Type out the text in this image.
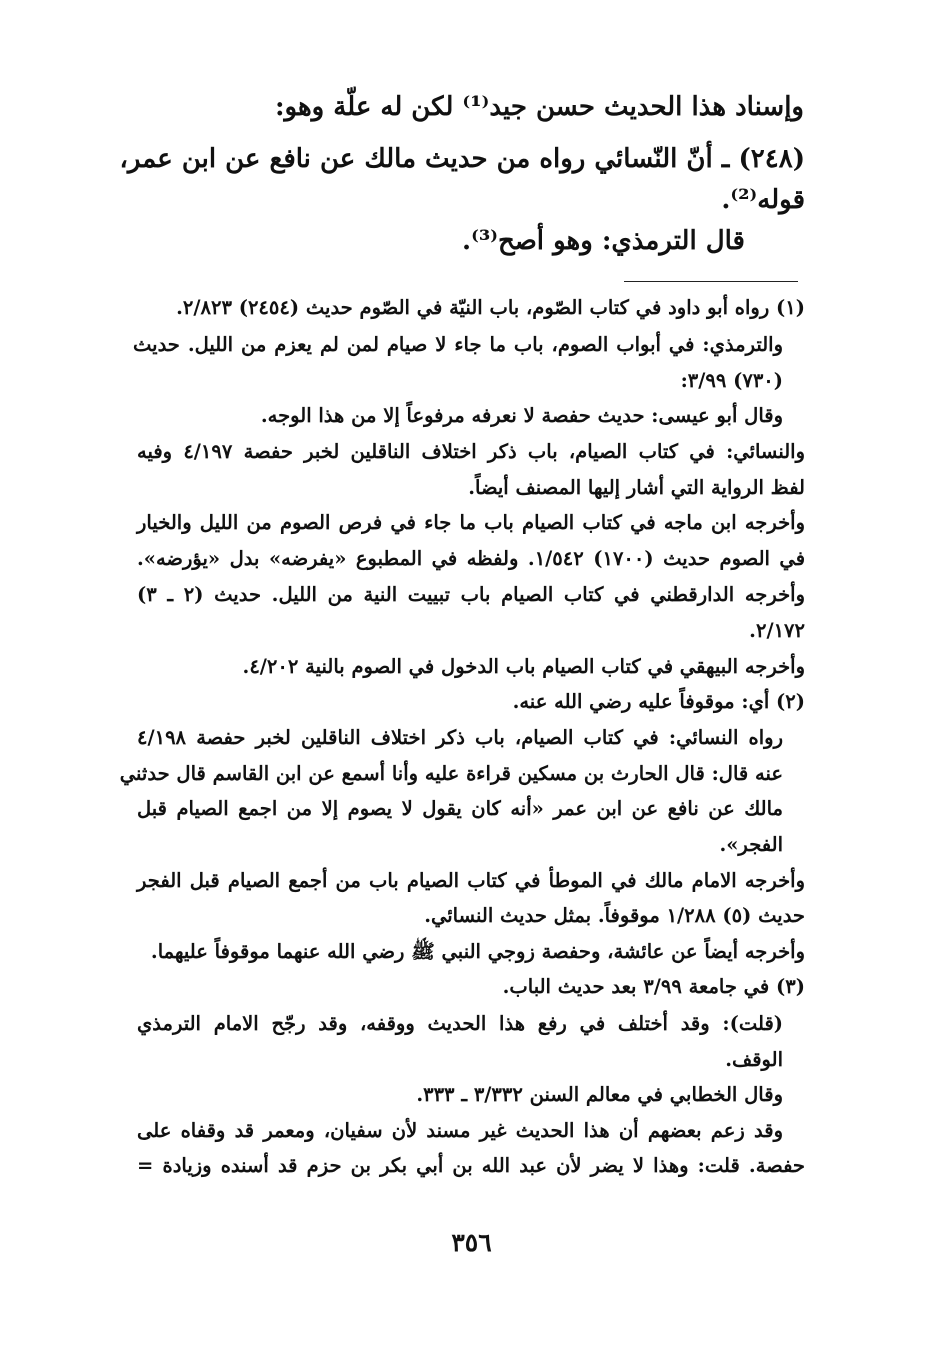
وإسناد هذا الحديث حسن جيد⁽¹⁾ لكن له علّة وهو:
(٢٤٨) ـ أنّ النّسائي رواه من حديث مالك عن نافع عن ابن عمر،
قوله⁽²⁾.
قال الترمذي: وهو أصح⁽³⁾.
(١) رواه أبو داود في كتاب الصّوم، باب النيّة في الصّوم حديث (٢٤٥٤) ٢/٨٢٣.
والترمذي: في أبواب الصوم، باب ما جاء لا صيام لمن لم يعزم من الليل. حديث
(٧٣٠) ٣/٩٩:
وقال أبو عيسى: حديث حفصة لا نعرفه مرفوعاً إلا من هذا الوجه.
والنسائي: في كتاب الصيام، باب ذكر اختلاف الناقلين لخبر حفصة ٤/١٩٧ وفيه
لفظ الرواية التي أشار إليها المصنف أيضاً.
وأخرجه ابن ماجه في كتاب الصيام باب ما جاء في فرص الصوم من الليل والخيار
في الصوم حديث (١٧٠٠) ١/٥٤٢. ولفظه في المطبوع «يفرضه» بدل «يؤرضه».
وأخرجه الدارقطني في كتاب الصيام باب تبييت النية من الليل. حديث (٢ ـ ٣)
٢/١٧٢.
وأخرجه البيهقي في كتاب الصيام باب الدخول في الصوم بالنية ٤/٢٠٢.
(٢) أي: موقوفاً عليه رضي الله عنه.
رواه النسائي: في كتاب الصيام، باب ذكر اختلاف الناقلين لخبر حفصة ٤/١٩٨
عنه قال: قال الحارث بن مسكين قراءة عليه وأنا أسمع عن ابن القاسم قال حدثني
مالك عن نافع عن ابن عمر «أنه كان يقول لا يصوم إلا من اجمع الصيام قبل
الفجر».
وأخرجه الامام مالك في الموطأ في كتاب الصيام باب من أجمع الصيام قبل الفجر
حديث (٥) ١/٢٨٨ موقوفاً. بمثل حديث النسائي.
وأخرجه أيضاً عن عائشة، وحفصة زوجي النبي ﷺ رضي الله عنهما موقوفاً عليهما.
(٣) في جامعة ٣/٩٩ بعد حديث الباب.
(قلت): وقد أختلف في رفع هذا الحديث ووقفه، وقد رجّح الامام الترمذي
الوقف.
وقال الخطابي في معالم السنن ٣/٣٣٢ ـ ٣٣٣.
وقد زعم بعضهم أن هذا الحديث غير مسند لأن سفيان، ومعمر قد وقفاه على
حفصة. قلت: وهذا لا يضر لأن عبد الله بن أبي بكر بن حزم قد أسنده وزيادة =
٣٥٦
